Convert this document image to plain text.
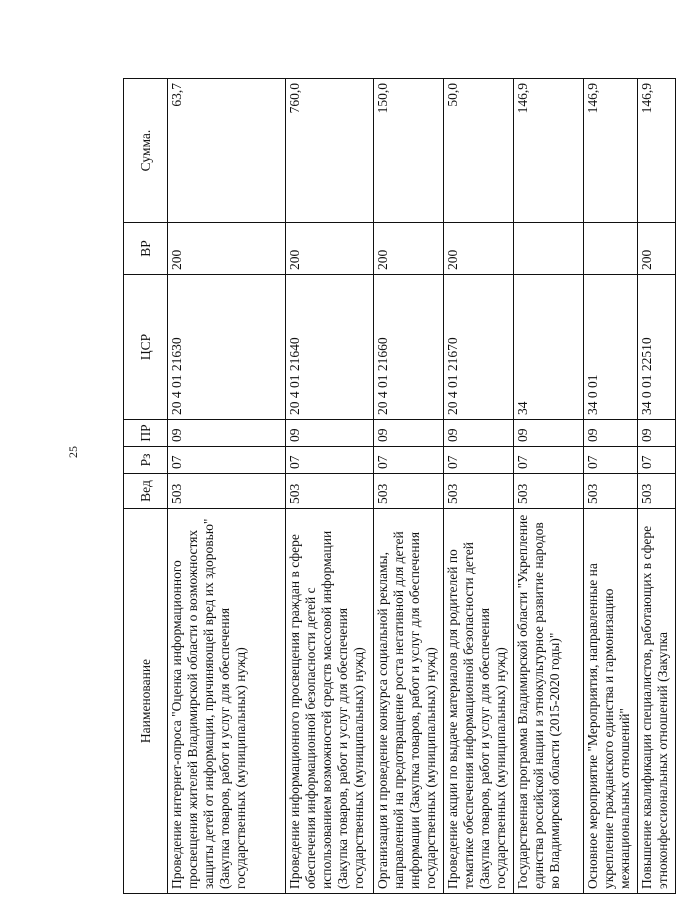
25
Наименование	Вед	Рз	ПР	ЦСР	ВР	Сумма.
Проведение интернет-опроса "Оценка информационного просвещения жителей Владимирской области о возможностях защиты детей от информации, причиняющей вред их здоровью" (Закупка товаров, работ и услуг для обеспечения государственных (муниципальных) нужд)	503	07	09	20 4 01 21630	200	63,7
Проведение информационного просвещения граждан в сфере обеспечения информационной безопасности детей с использованием возможностей средств массовой информации (Закупка товаров, работ и услуг для обеспечения государственных (муниципальных) нужд)	503	07	09	20 4 01 21640	200	760,0
Организация и проведение конкурса социальной рекламы, направленной на предотвращение роста негативной для детей информации (Закупка товаров, работ и услуг для обеспечения государственных (муниципальных) нужд)	503	07	09	20 4 01 21660	200	150,0
Проведение акции по выдаче материалов для родителей по тематике обеспечения информационной безопасности детей (Закупка товаров, работ и услуг для обеспечения государственных (муниципальных) нужд)	503	07	09	20 4 01 21670	200	50,0
Государственная программа Владимирской области "Укрепление единства российской нации и этнокультурное развитие народов во Владимирской области (2015-2020 годы)"	503	07	09	34		146,9
Основное мероприятие "Мероприятия, направленные на укрепление гражданского единства и гармонизацию межнациональных отношений"	503	07	09	34 0 01		146,9
Повышение квалификации специалистов, работающих в сфере этноконфессиональных отношений (Закупка	503	07	09	34 0 01 22510	200	146,9
